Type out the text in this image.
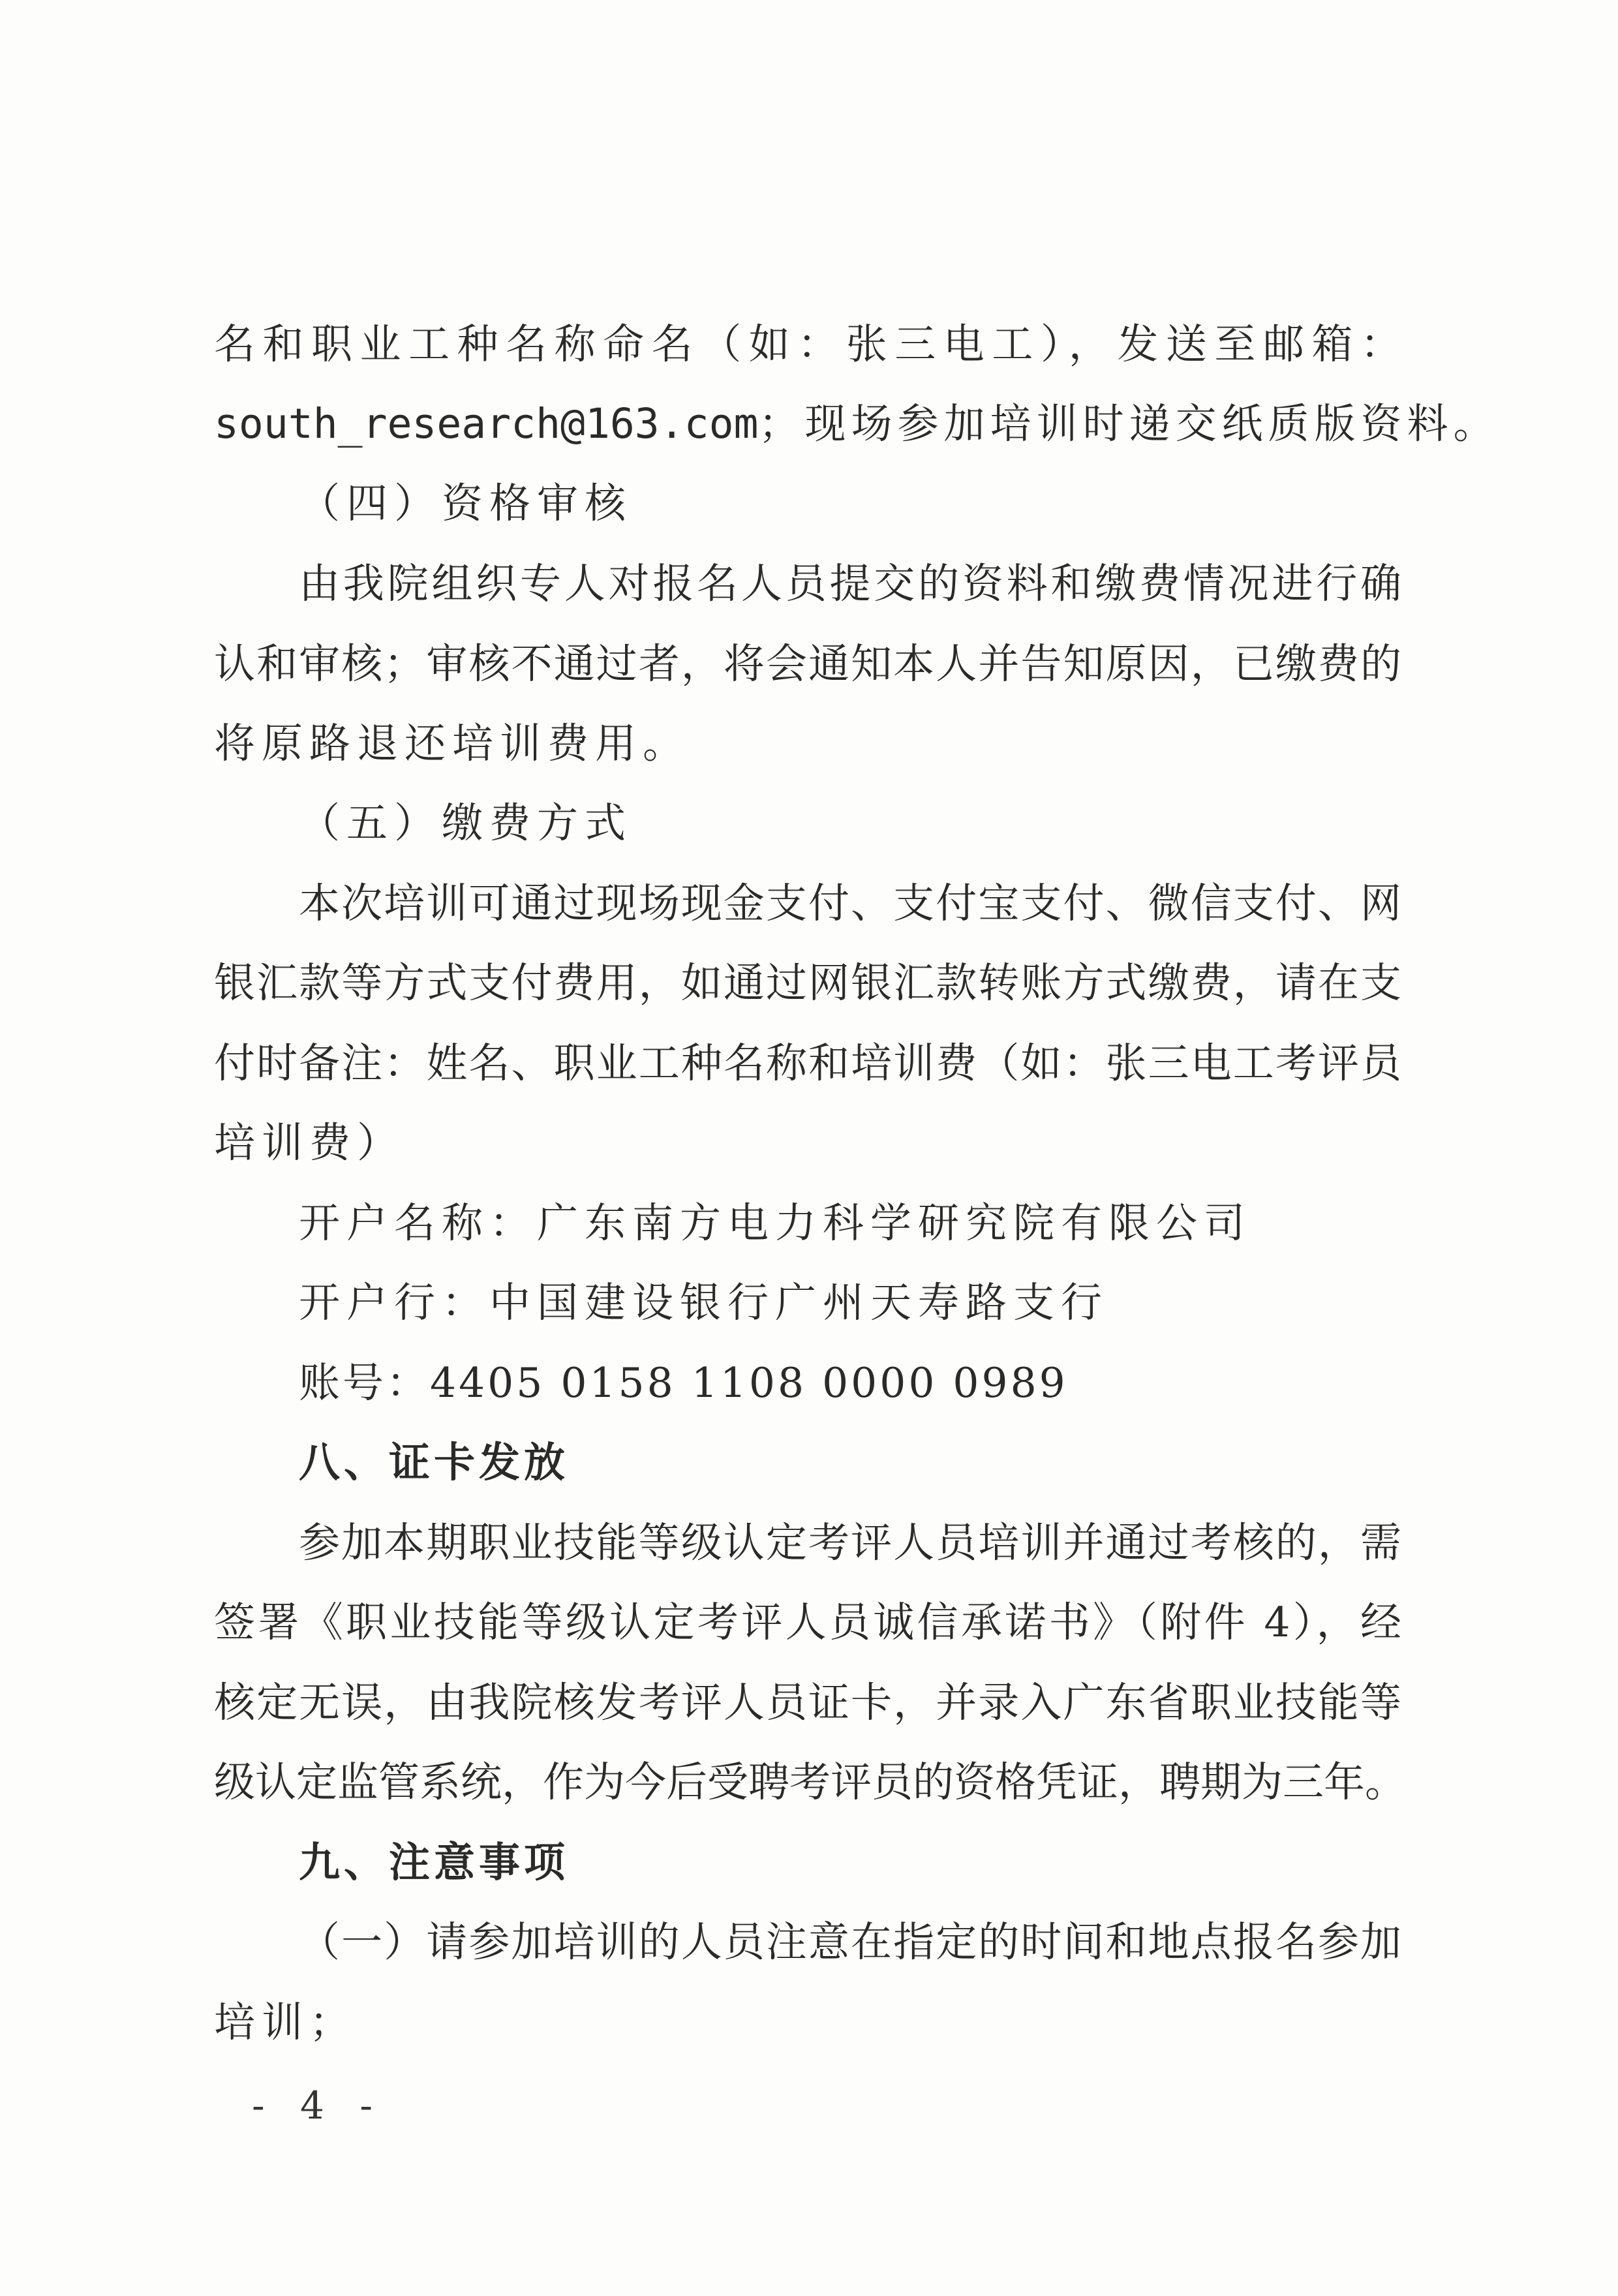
名和职业工种名称命名（如：张三电工），发送至邮箱：
south_research@163.com；现场参加培训时递交纸质版资料。
（四）资格审核
由我院组织专人对报名人员提交的资料和缴费情况进行确
认和审核；审核不通过者，将会通知本人并告知原因，已缴费的
将原路退还培训费用。
（五）缴费方式
本次培训可通过现场现金支付、支付宝支付、微信支付、网
银汇款等方式支付费用，如通过网银汇款转账方式缴费，请在支
付时备注：姓名、职业工种名称和培训费（如：张三电工考评员
培训费）
开户名称：广东南方电力科学研究院有限公司
开户行：中国建设银行广州天寿路支行
账号：4405 0158 1108 0000 0989
八、证卡发放
参加本期职业技能等级认定考评人员培训并通过考核的，需
签署《职业技能等级认定考评人员诚信承诺书》（附件 4），经
核定无误，由我院核发考评人员证卡，并录入广东省职业技能等
级认定监管系统，作为今后受聘考评员的资格凭证，聘期为三年。
九、注意事项
（一）请参加培训的人员注意在指定的时间和地点报名参加
培训；
- 4 -
